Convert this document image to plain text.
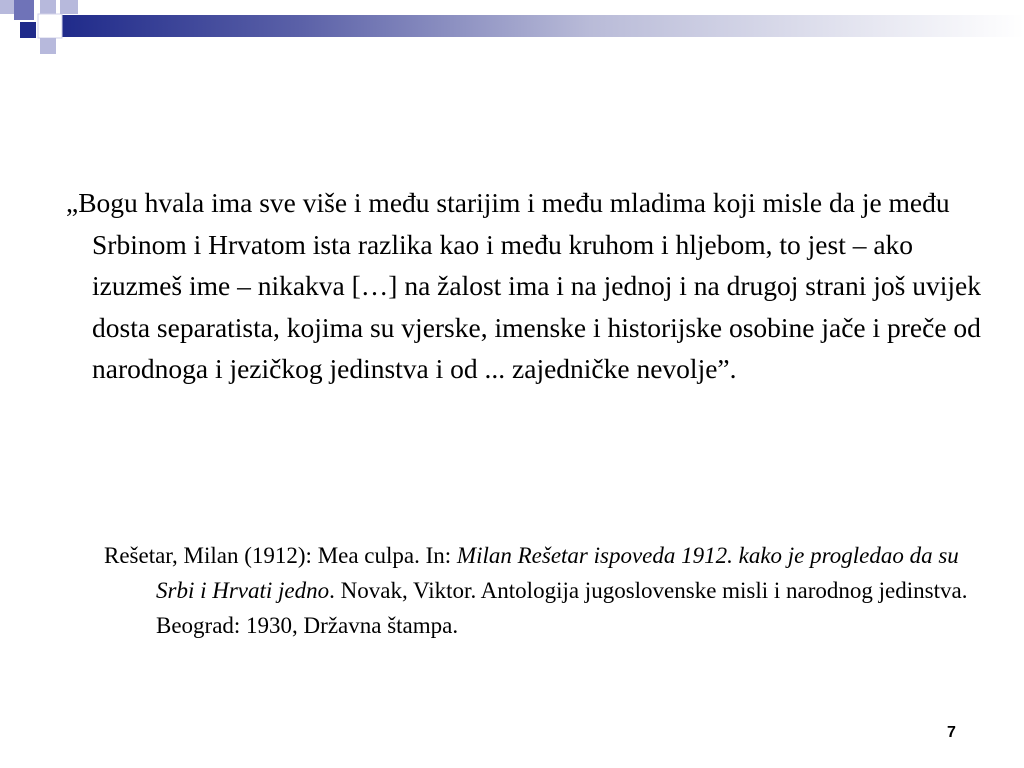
„Bogu hvala ima sve više i među starijim i među mladima koji misle da je među Srbinom i Hrvatom ista razlika kao i među kruhom i hljebom, to jest – ako izuzmeš ime – nikakva […] na žalost ima i na jednoj i na drugoj strani još uvijek dosta separatista, kojima su vjerske, imenske i historijske osobine jače i preče od narodnoga i jezičkog jedinstva i od ... zajedničke nevolje”.
Rešetar, Milan (1912): Mea culpa. In: Milan Rešetar ispoveda 1912. kako je progledao da su Srbi i Hrvati jedno. Novak, Viktor. Antologija jugoslovenske misli i narodnog jedinstva. Beograd: 1930, Državna štampa.
7
